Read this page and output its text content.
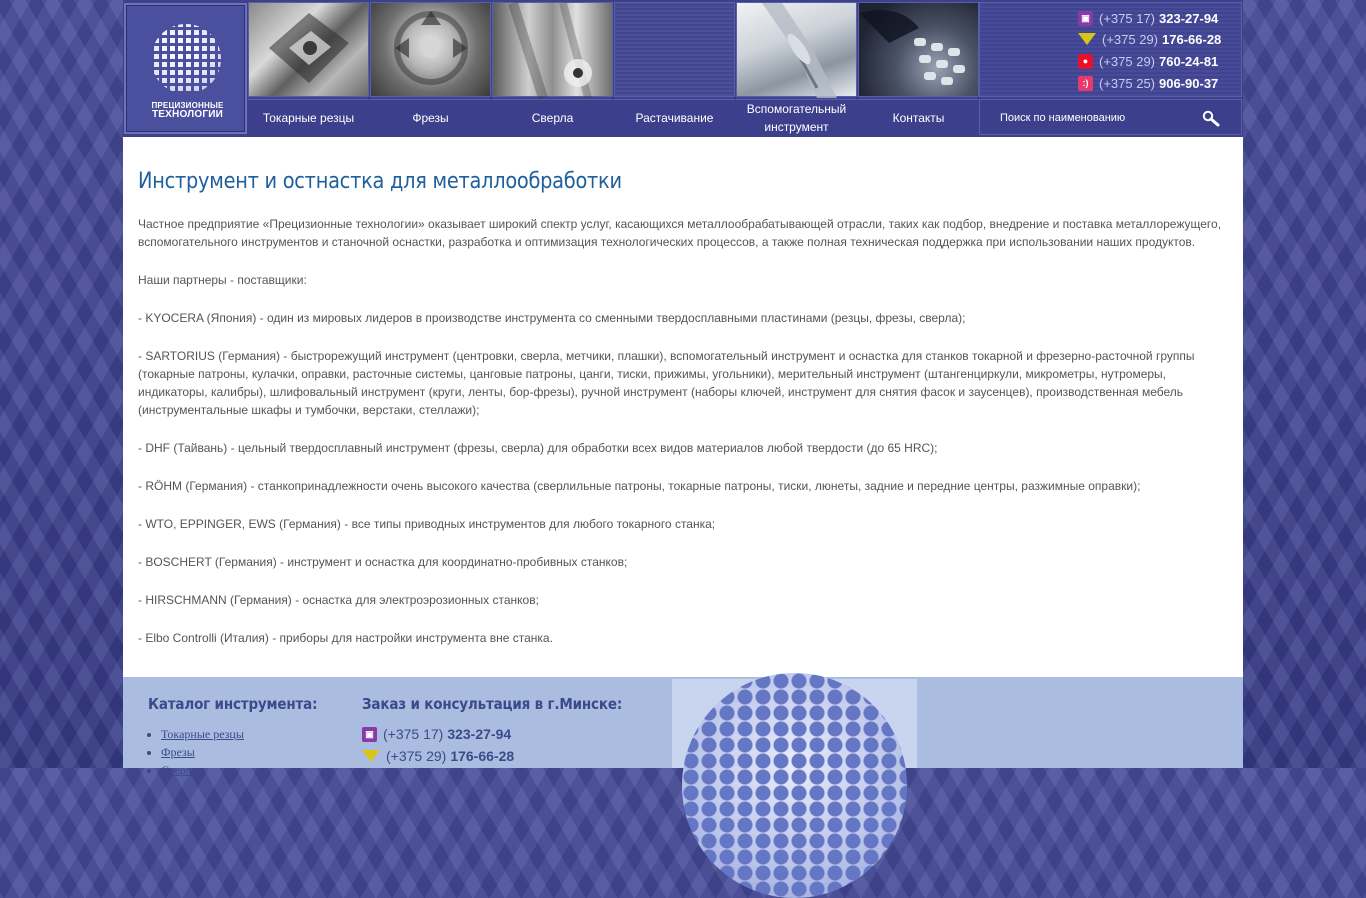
ПРЕЦИЗИОННЫЕ
ТЕХНОЛОГИИ	Токарные резцы	Фрезы	Сверла	Растачивание
Вспомогательный инструмент
Контакты
▣ (+375 17) 323-27-94
(+375 29) 176-66-28
● (+375 29) 760-24-81
:) (+375 25) 906-90-37
Поиск по наименованию
Инструмент и остнастка для металлообработки

Частное предприятие «Прецизионные технологии» оказывает широкий спектр услуг, касающихся металлообрабатывающей отрасли, таких как подбор, внедрение и поставка металлорежущего, вспомогательного инструментов и станочной оснастки, разработка и оптимизация технологических процессов, а также полная техническая поддержка при использовании наших продуктов.

Наши партнеры - поставщики:

- KYOCERA (Япония) - один из мировых лидеров в производстве инструмента со сменными твердосплавными пластинами (резцы, фрезы, сверла);

- SARTORIUS (Германия) - быстрорежущий инструмент (центровки, сверла, метчики, плашки), вспомогательный инструмент и оснастка для станков токарной и фрезерно-расточной группы (токарные патроны, кулачки, оправки, расточные системы, цанговые патроны, цанги, тиски, прижимы, угольники), мерительный инструмент (штангенциркули, микрометры, нутромеры, индикаторы, калибры), шлифовальный инструмент (круги, ленты, бор-фрезы), ручной инструмент (наборы ключей, инструмент для снятия фасок и заусенцев), производственная мебель (инструментальные шкафы и тумбочки, верстаки, стеллажи);

- DHF (Тайвань) - цельный твердосплавный инструмент (фрезы, сверла) для обработки всех видов материалов любой твердости (до 65 HRC);

- RÖHM (Германия) - станкопринадлежности очень высокого качества (сверлильные патроны, токарные патроны, тиски, люнеты, задние и передние центры, разжимные оправки);

- WTO, EPPINGER, EWS (Германия) - все типы приводных инструментов для любого токарного станка;

- BOSCHERT (Германия) - инструмент и оснастка для координатно-пробивных станков;

- HIRSCHMANN (Германия) - оснастка для электроэрозионных станков;

- Elbo Controlli (Италия) - приборы для настройки инструмента вне станка.

Каталог инструмента:
• Токарные резцы
• Фрезы
• Сверла
Заказ и консультация в г.Минске:
▣ (+375 17) 323-27-94
(+375 29) 176-66-28
